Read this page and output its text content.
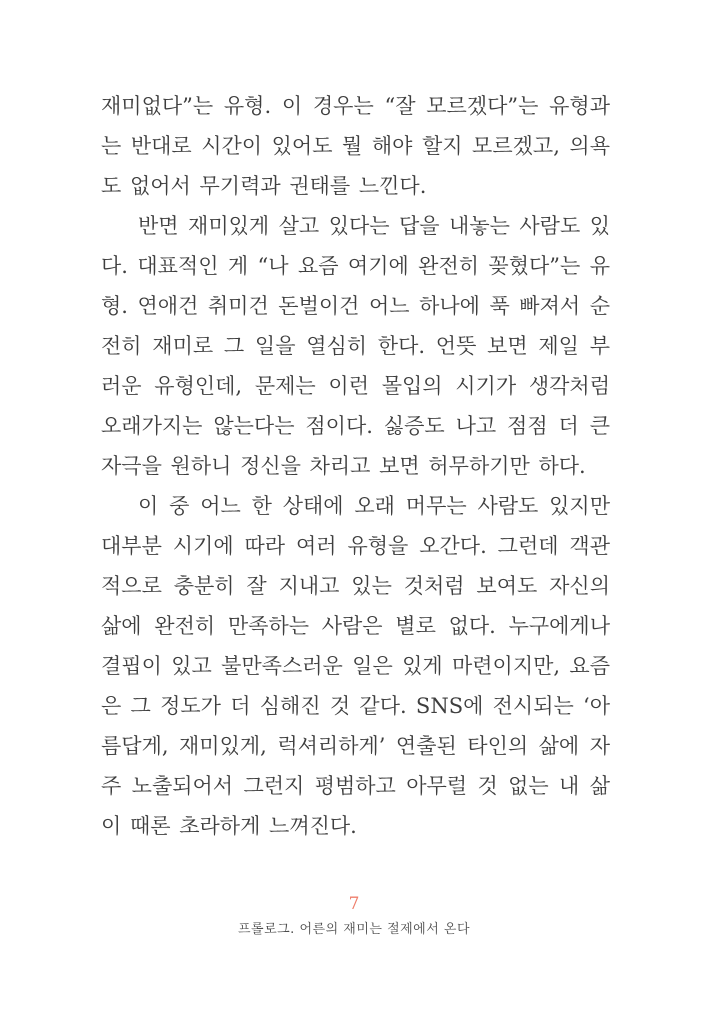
재미없다”는 유형. 이 경우는 “잘 모르겠다”는 유형과는 반대로 시간이 있어도 뭘 해야 할지 모르겠고, 의욕도 없어서 무기력과 권태를 느낀다.

반면 재미있게 살고 있다는 답을 내놓는 사람도 있다. 대표적인 게 “나 요즘 여기에 완전히 꽂혔다”는 유형. 연애건 취미건 돈벌이건 어느 하나에 푹 빠져서 순전히 재미로 그 일을 열심히 한다. 언뜻 보면 제일 부러운 유형인데, 문제는 이런 몰입의 시기가 생각처럼 오래가지는 않는다는 점이다. 싫증도 나고 점점 더 큰 자극을 원하니 정신을 차리고 보면 허무하기만 하다.

이 중 어느 한 상태에 오래 머무는 사람도 있지만 대부분 시기에 따라 여러 유형을 오간다. 그런데 객관적으로 충분히 잘 지내고 있는 것처럼 보여도 자신의 삶에 완전히 만족하는 사람은 별로 없다. 누구에게나 결핍이 있고 불만족스러운 일은 있게 마련이지만, 요즘은 그 정도가 더 심해진 것 같다. SNS에 전시되는 ‘아름답게, 재미있게, 럭셔리하게’ 연출된 타인의 삶에 자주 노출되어서 그런지 평범하고 아무럴 것 없는 내 삶이 때론 초라하게 느껴진다.

7
프롤로그. 어른의 재미는 절제에서 온다
